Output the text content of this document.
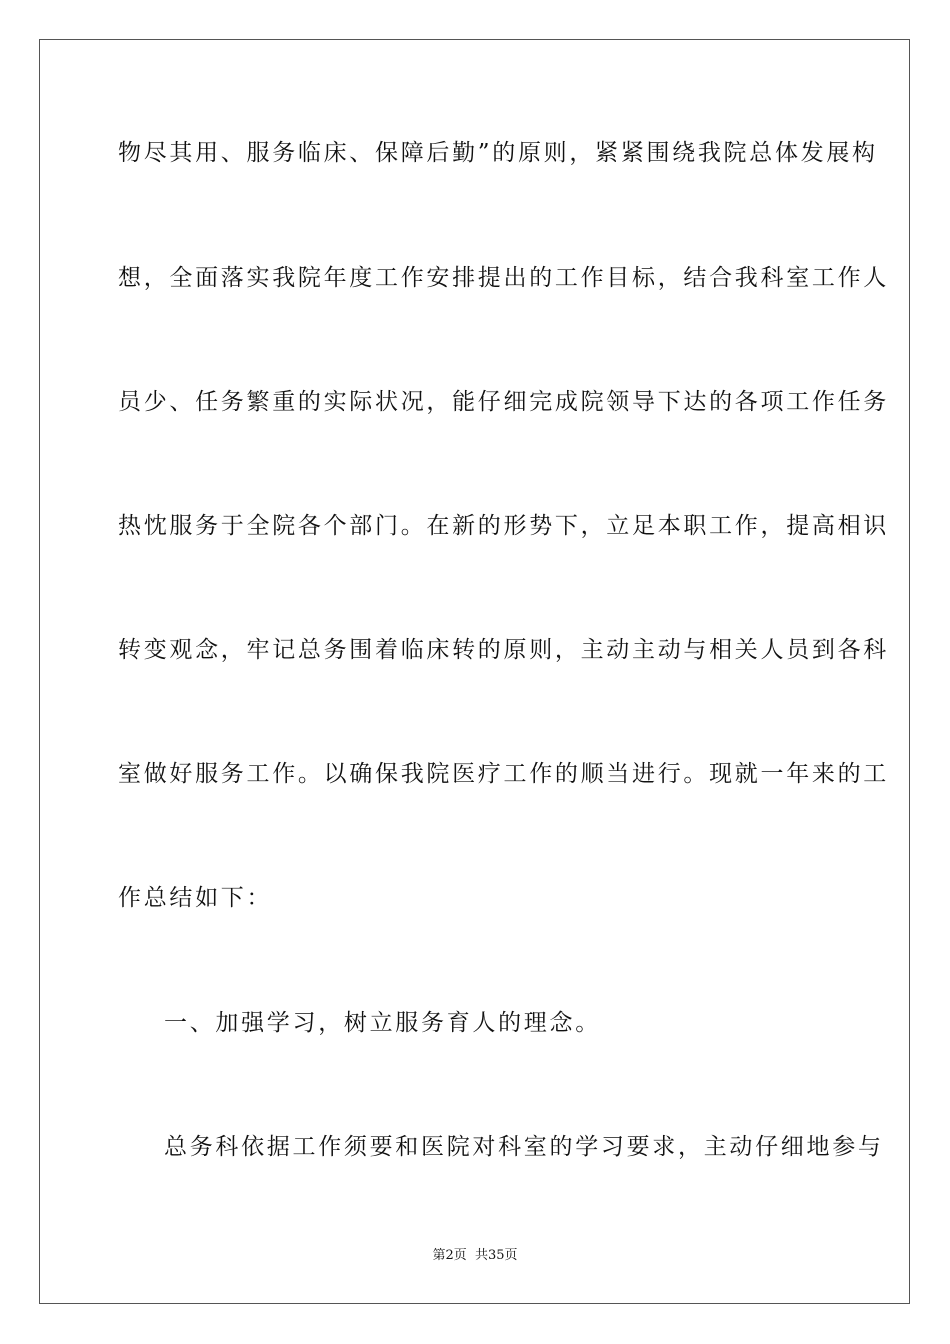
物尽其用、服务临床、保障后勤”的原则，紧紧围绕我院总体发展构
想，全面落实我院年度工作安排提出的工作目标，结合我科室工作人
员少、任务繁重的实际状况，能仔细完成院领导下达的各项工作任务
热忱服务于全院各个部门。在新的形势下，立足本职工作，提高相识
转变观念，牢记总务围着临床转的原则，主动主动与相关人员到各科
室做好服务工作。以确保我院医疗工作的顺当进行。现就一年来的工
作总结如下：
一、加强学习，树立服务育人的理念。
总务科依据工作须要和医院对科室的学习要求，主动仔细地参与
第2页  共35页
